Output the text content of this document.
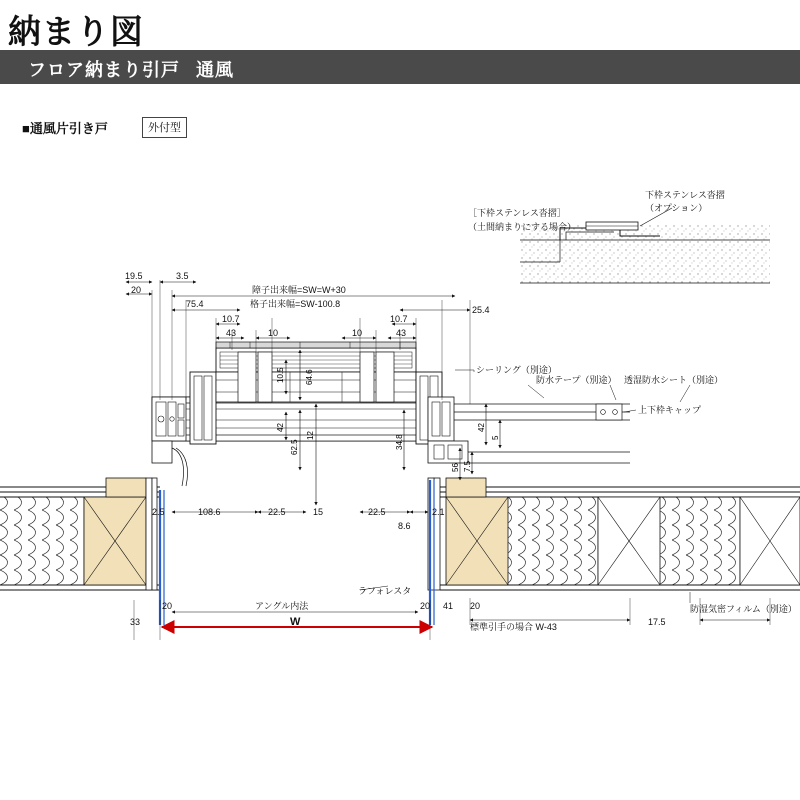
納まり図
フロア納まり引戸 通風
■通風片引き戸	外付型
［下枠ステンレス沓摺］
（土間納まりにする場合）
下枠ステンレス沓摺
（オプション）
障子出来幅=SW=W+30
格子出来幅=SW-100.8
75.4
25.4
19.5	3.5
20
10.7	10.7
43	43
10	10
10.5	64.6
42
62.5
12	34.8
42
5
56 7.5
2.5	108.6	22.5	15	22.5
8.6
2.1
W
アングル内法
20	20 41 20
33	17.5
標準引手の場合 W-43
シーリング（別途）
防水テープ（別途） 透湿防水シート（別途）
上下枠キャップ
ラフォレスタ
防湿気密フィルム（別途）
